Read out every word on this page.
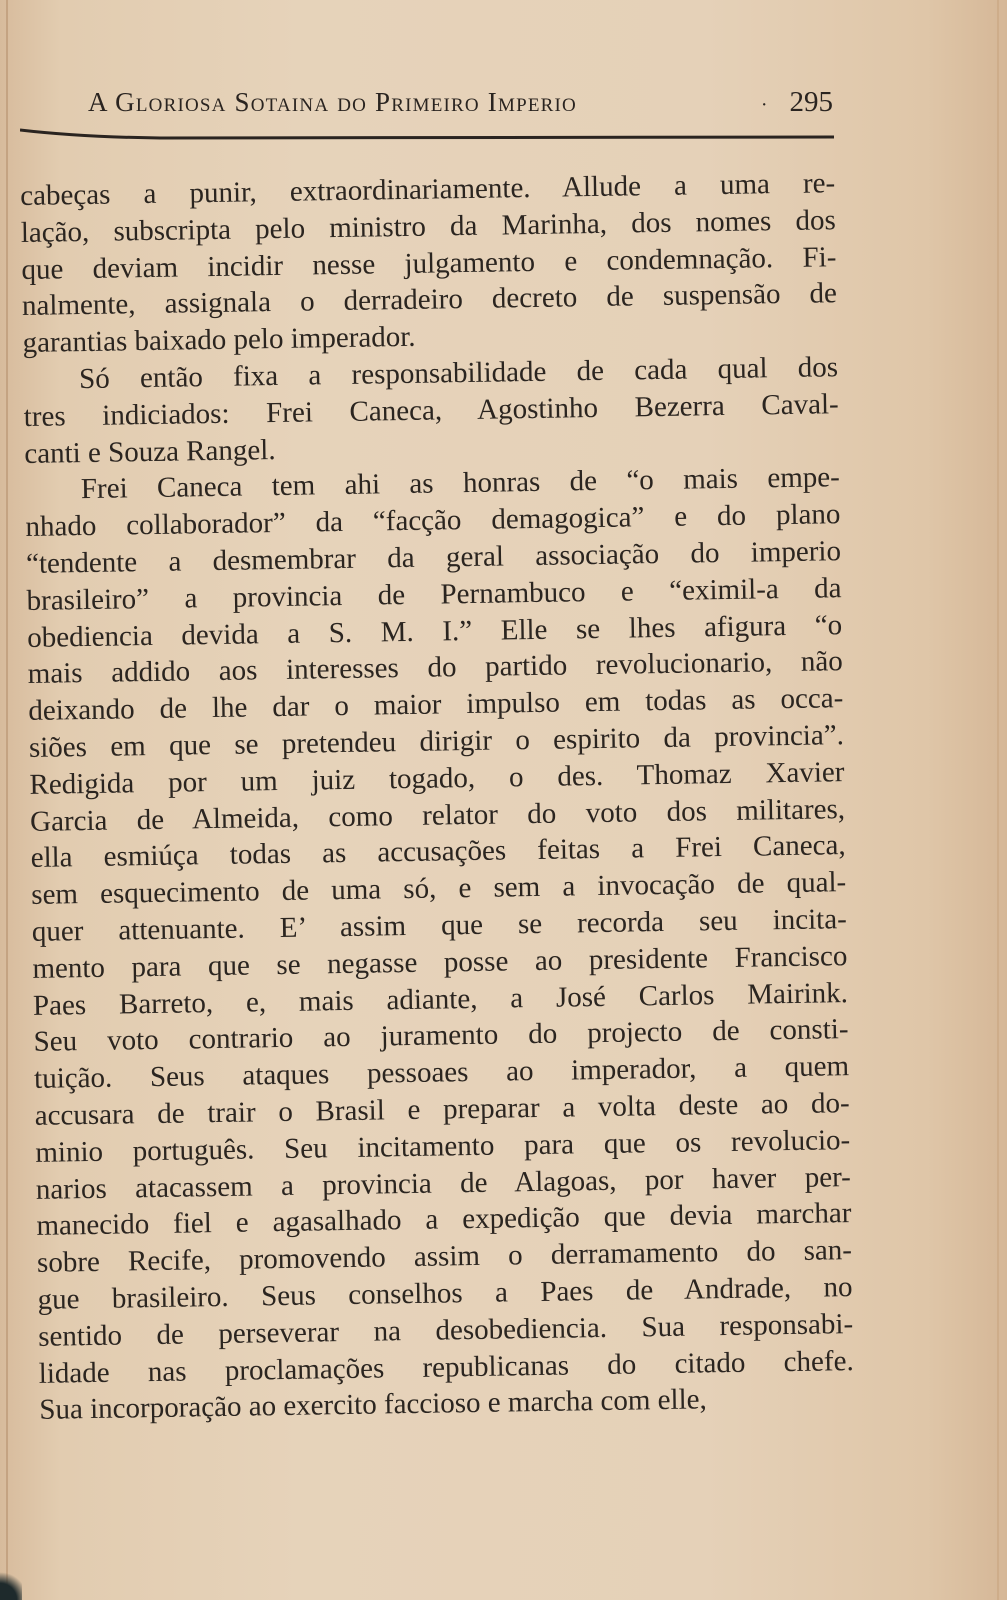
A Gloriosa Sotaina do Primeiro Imperio	· 295
cabeças a punir, extraordinariamente. Allude a uma re-
lação, subscripta pelo ministro da Marinha, dos nomes dos
que deviam incidir nesse julgamento e condemnação. Fi-
nalmente, assignala o derradeiro decreto de suspensão de
garantias baixado pelo imperador.
Só então fixa a responsabilidade de cada qual dos
tres indiciados: Frei Caneca, Agostinho Bezerra Caval-
canti e Souza Rangel.
Frei Caneca tem ahi as honras de “o mais empe-
nhado collaborador” da “facção demagogica” e do plano
“tendente a desmembrar da geral associação do imperio
brasileiro” a provincia de Pernambuco e “eximil-a da
obediencia devida a S. M. I.” Elle se lhes afigura “o
mais addido aos interesses do partido revolucionario, não
deixando de lhe dar o maior impulso em todas as occa-
siões em que se pretendeu dirigir o espirito da provincia”.
Redigida por um juiz togado, o des. Thomaz Xavier
Garcia de Almeida, como relator do voto dos militares,
ella esmiúça todas as accusações feitas a Frei Caneca,
sem esquecimento de uma só, e sem a invocação de qual-
quer attenuante. E’ assim que se recorda seu incita-
mento para que se negasse posse ao presidente Francisco
Paes Barreto, e, mais adiante, a José Carlos Mairink.
Seu voto contrario ao juramento do projecto de consti-
tuição. Seus ataques pessoaes ao imperador, a quem
accusara de trair o Brasil e preparar a volta deste ao do-
minio português. Seu incitamento para que os revolucio-
narios atacassem a provincia de Alagoas, por haver per-
manecido fiel e agasalhado a expedição que devia marchar
sobre Recife, promovendo assim o derramamento do san-
gue brasileiro. Seus conselhos a Paes de Andrade, no
sentido de perseverar na desobediencia. Sua responsabi-
lidade nas proclamações republicanas do citado chefe.
Sua incorporação ao exercito faccioso e marcha com elle,
